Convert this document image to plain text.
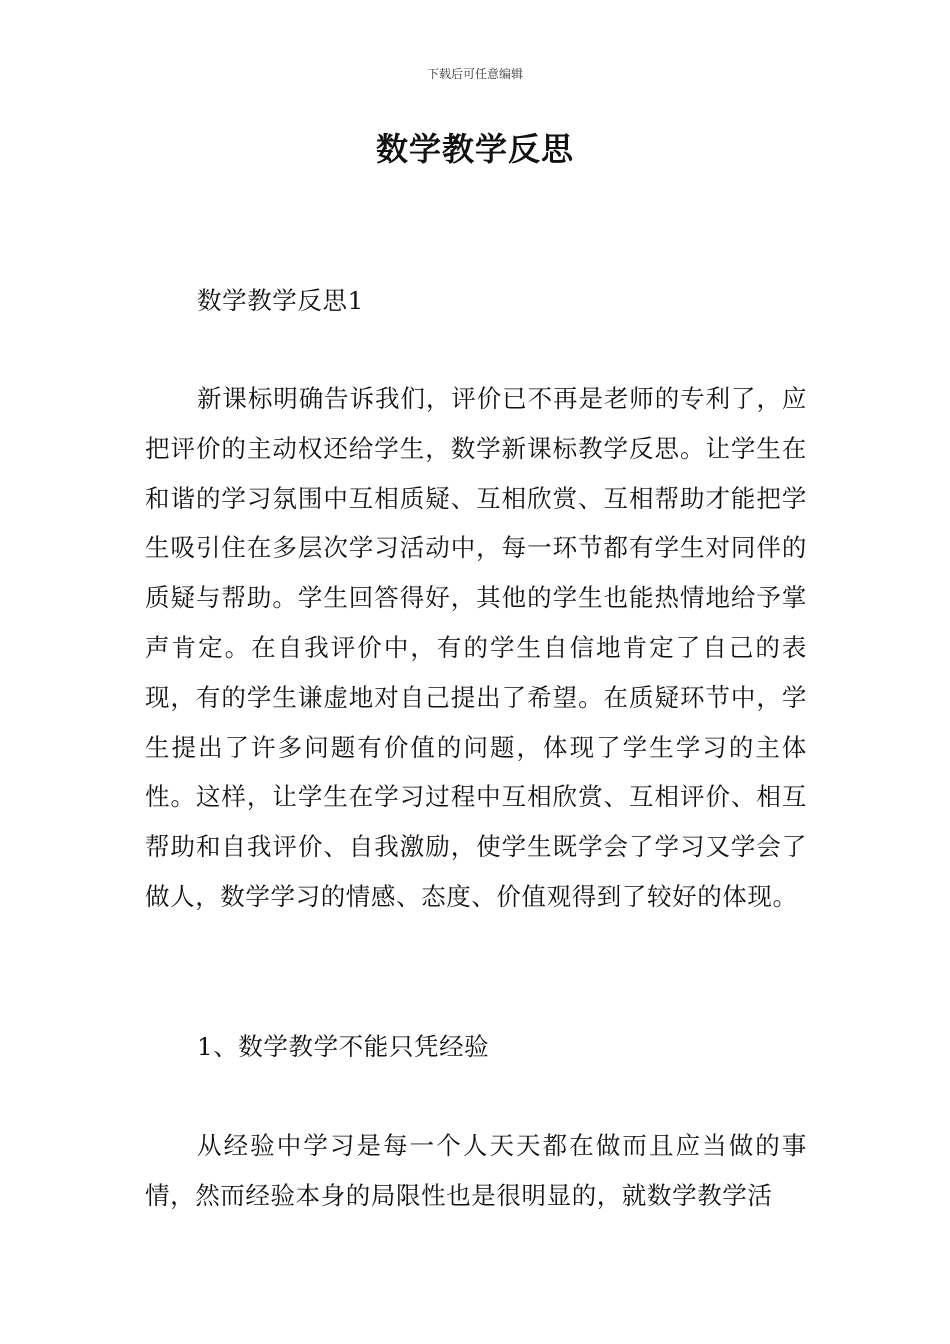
下载后可任意编辑
数学教学反思

数学教学反思1

新课标明确告诉我们，评价已不再是老师的专利了，应把评价的主动权还给学生，数学新课标教学反思。让学生在和谐的学习氛围中互相质疑、互相欣赏、互相帮助才能把学生吸引住在多层次学习活动中，每一环节都有学生对同伴的质疑与帮助。学生回答得好，其他的学生也能热情地给予掌声肯定。在自我评价中，有的学生自信地肯定了自己的表现，有的学生谦虚地对自己提出了希望。在质疑环节中，学生提出了许多问题有价值的问题，体现了学生学习的主体性。这样，让学生在学习过程中互相欣赏、互相评价、相互帮助和自我评价、自我激励，使学生既学会了学习又学会了做人，数学学习的情感、态度、价值观得到了较好的体现。

1、数学教学不能只凭经验

从经验中学习是每一个人天天都在做而且应当做的事情，然而经验本身的局限性也是很明显的，就数学教学活
